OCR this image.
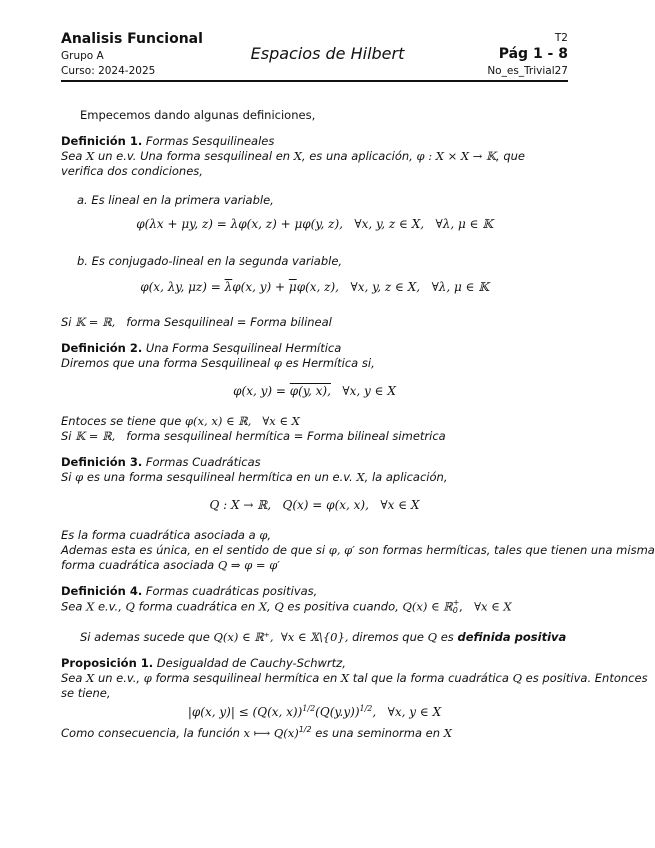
Analisis Funcional
Grupo A
Curso: 2024-2025
Espacios de Hilbert
T2
Pág 1 - 8
No_es_Trivial27
Empecemos dando algunas definiciones,
Definición 1. Formas Sesquilineales
Sea X un e.v. Una forma sesquilineal en X, es una aplicación, φ : X × X → 𝕂, que verifica dos condiciones,
a. Es lineal en la primera variable,
φ(λx + μy, z) = λφ(x, z) + μφ(y, z), ∀x, y, z ∈ X, ∀λ, μ ∈ 𝕂
b. Es conjugado-lineal en la segunda variable,
φ(x, λy, $\mu z) = \overline{\lambda}\varphi(x$, $y) + \overline{\mu}\varphi(x$, z), ∀x, y, z ∈ X, ∀λ, μ ∈ 𝕂
Si 𝕂 = ℝ, forma Sesquilineal = Forma bilineal
Definición 2. Una Forma Sesquilineal Hermítica
Diremos que una forma Sesquilineal φ es Hermítica si,
φ(x, y) = φ(y, x), ∀x, y ∈ X
Entoces se tiene que φ(x, x) ∈ ℝ, ∀x ∈ X
Si 𝕂 = ℝ, forma sesquilineal hermítica = Forma bilineal simetrica
Definición 3. Formas Cuadráticas
Si φ es una forma sesquilineal hermítica en un e.v. X, la aplicación,
Q : X → ℝ, Q(x) = φ(x, x), ∀x ∈ X
Es la forma cuadrática asociada a φ,
Ademas esta es única, en el sentido de que si φ, φ′ son formas hermíticas, tales que tienen una misma
forma cuadrática asociada Q ⇒ φ = φ′
Definición 4. Formas cuadráticas positivas,
Sea X e.v., Q forma cuadrática en X, Q es positiva cuando, Q(x) ∈ ℝ +
0 ,   ∀x ∈ X
Si ademas sucede que Q(x) ∈ ℝ⁺, ∀x ∈ 𝕏\{0}, diremos que Q es definida positiva
Proposición 1. Desigualdad de Cauchy-Schwrtz,
Sea X un e.v., φ forma sesquilineal hermítica en X tal que la forma cuadrática Q es positiva. Entonces
se tiene,
|φ(x, y)| ≤ (Q(x, $x))^{1/2}(Q(y.y))^{1/2}$,   ∀x, y ∈ X
Como consecuencia, la función x ⟼ $Q(x)^{1/2}$ es una seminorma en X
